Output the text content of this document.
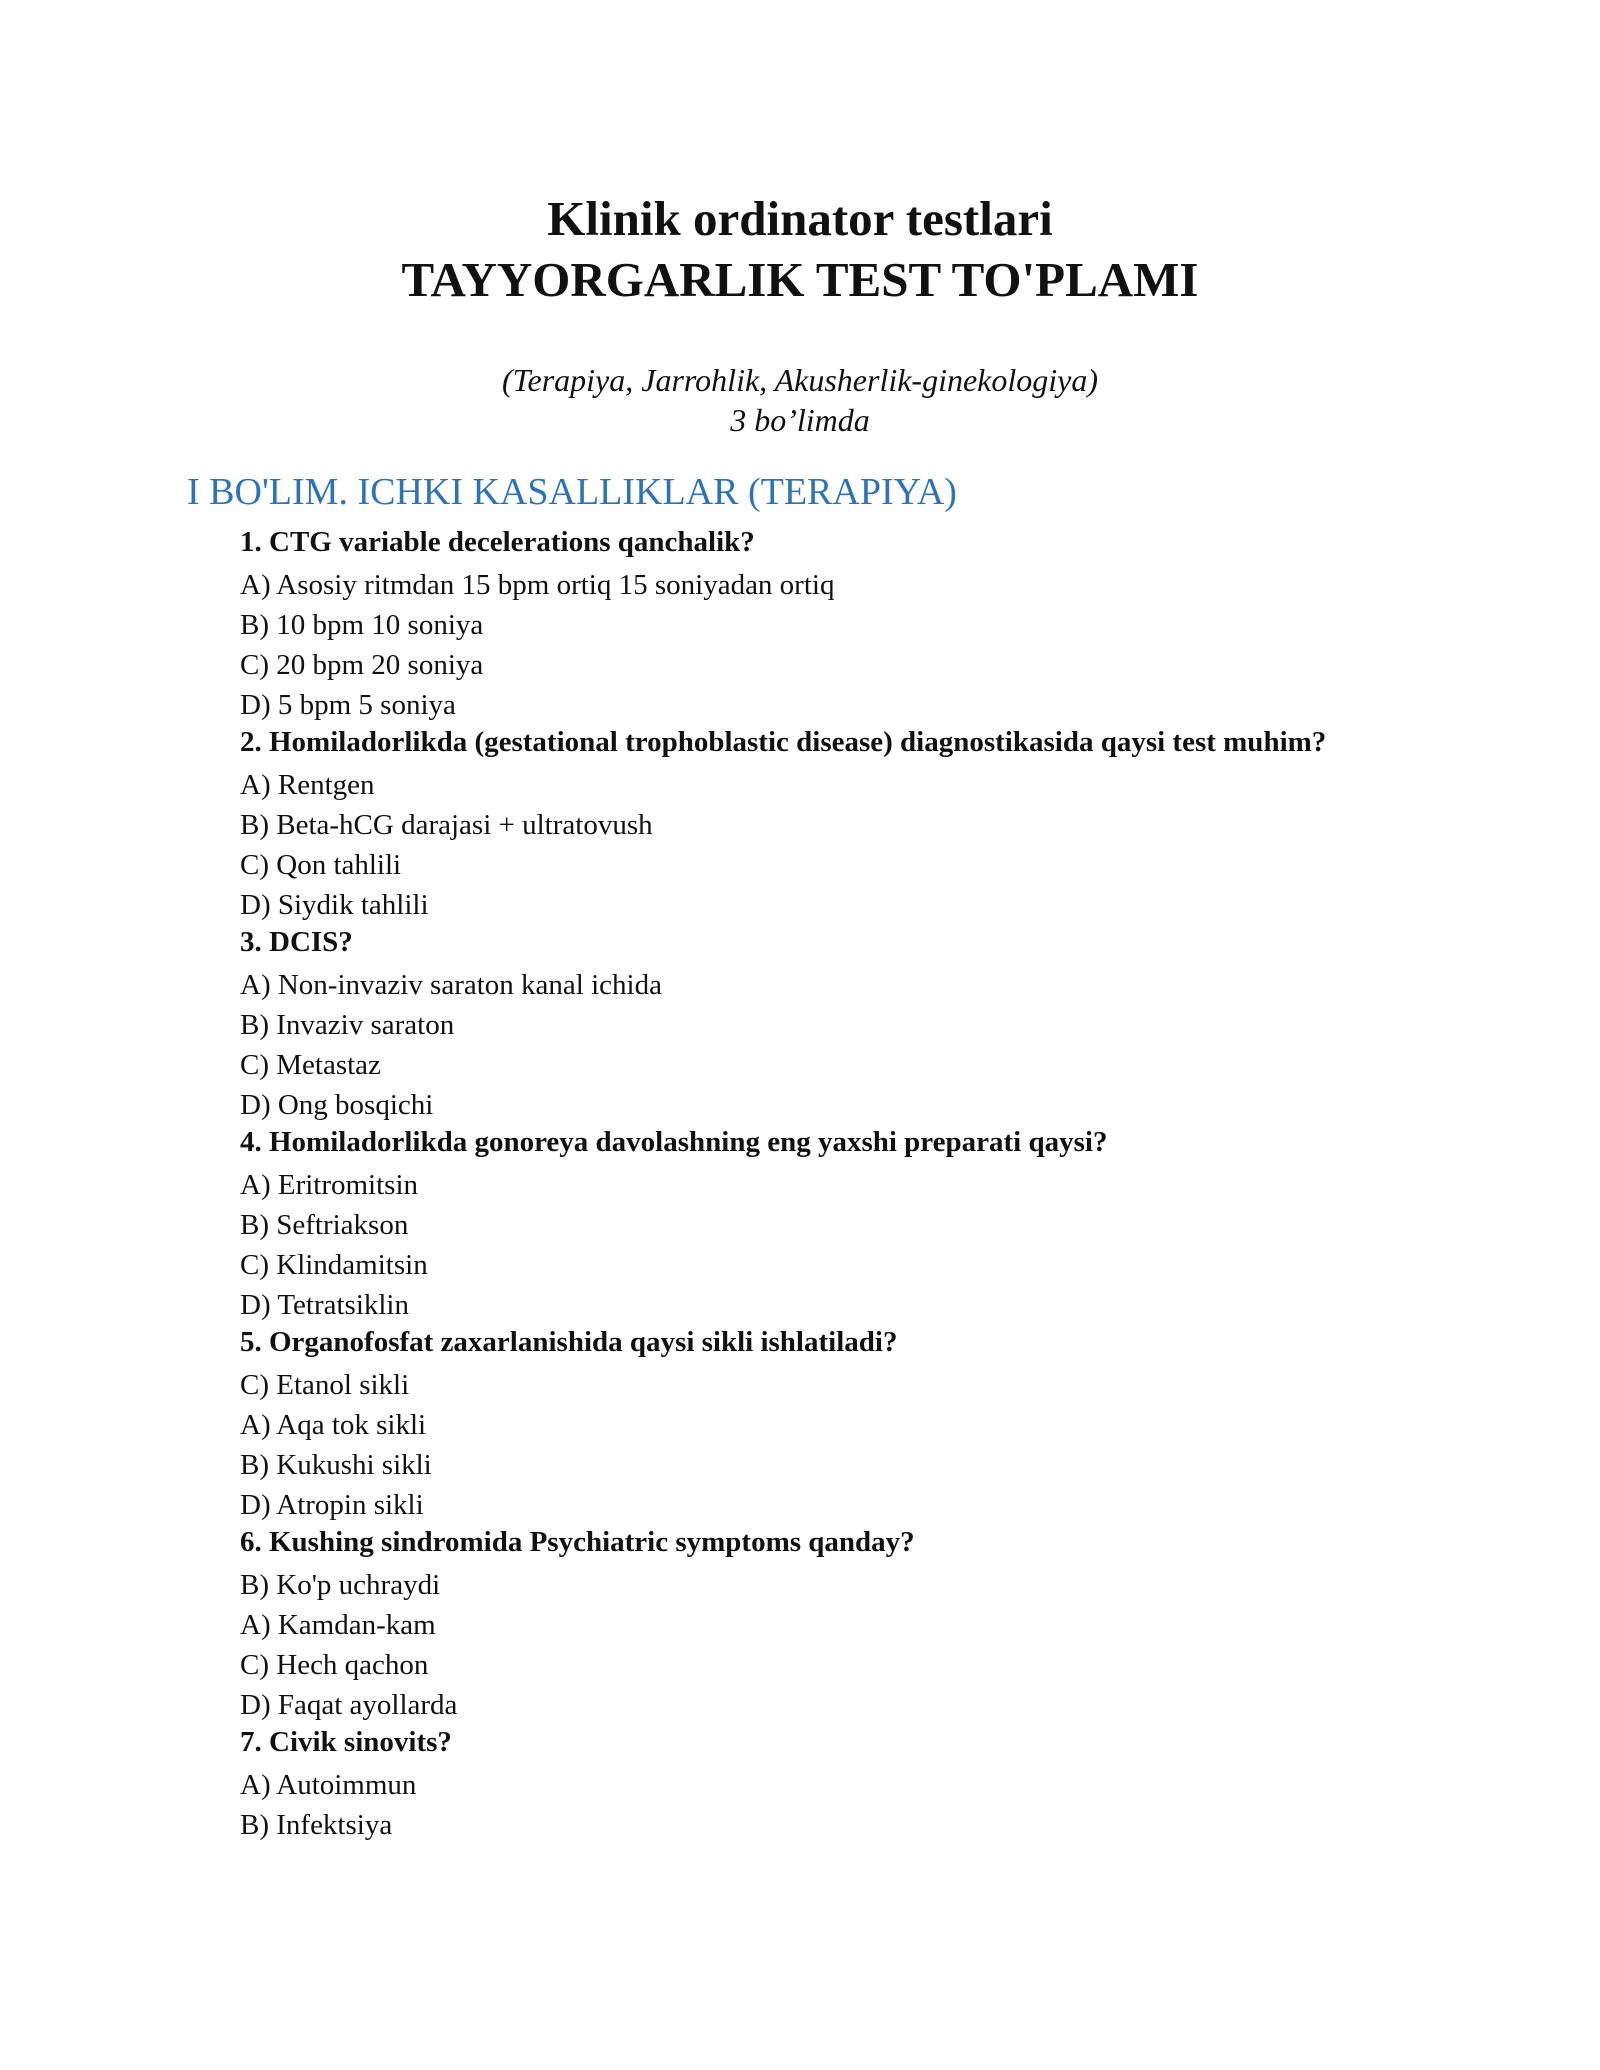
Klinik ordinator testlari

TAYYORGARLIK TEST TO'PLAMI

(Terapiya, Jarrohlik, Akusherlik-ginekologiya)

3 bo’limda

I BO'LIM. ICHKI KASALLIKLAR (TERAPIYA)

1. CTG variable decelerations qanchalik?

A) Asosiy ritmdan 15 bpm ortiq 15 soniyadan ortiq

B) 10 bpm 10 soniya

C) 20 bpm 20 soniya

D) 5 bpm 5 soniya

2. Homiladorlikda (gestational trophoblastic disease) diagnostikasida qaysi test muhim?

A) Rentgen

B) Beta-hCG darajasi + ultratovush

C) Qon tahlili

D) Siydik tahlili

3. DCIS?

A) Non-invaziv saraton kanal ichida

B) Invaziv saraton

C) Metastaz

D) Ong bosqichi

4. Homiladorlikda gonoreya davolashning eng yaxshi preparati qaysi?

A) Eritromitsin

B) Seftriakson

C) Klindamitsin

D) Tetratsiklin

5. Organofosfat zaxarlanishida qaysi sikli ishlatiladi?

C) Etanol sikli

A) Aqa tok sikli

B) Kukushi sikli

D) Atropin sikli

6. Kushing sindromida Psychiatric symptoms qanday?

B) Ko'p uchraydi

A) Kamdan-kam

C) Hech qachon

D) Faqat ayollarda

7. Civik sinovits?

A) Autoimmun

B) Infektsiya
